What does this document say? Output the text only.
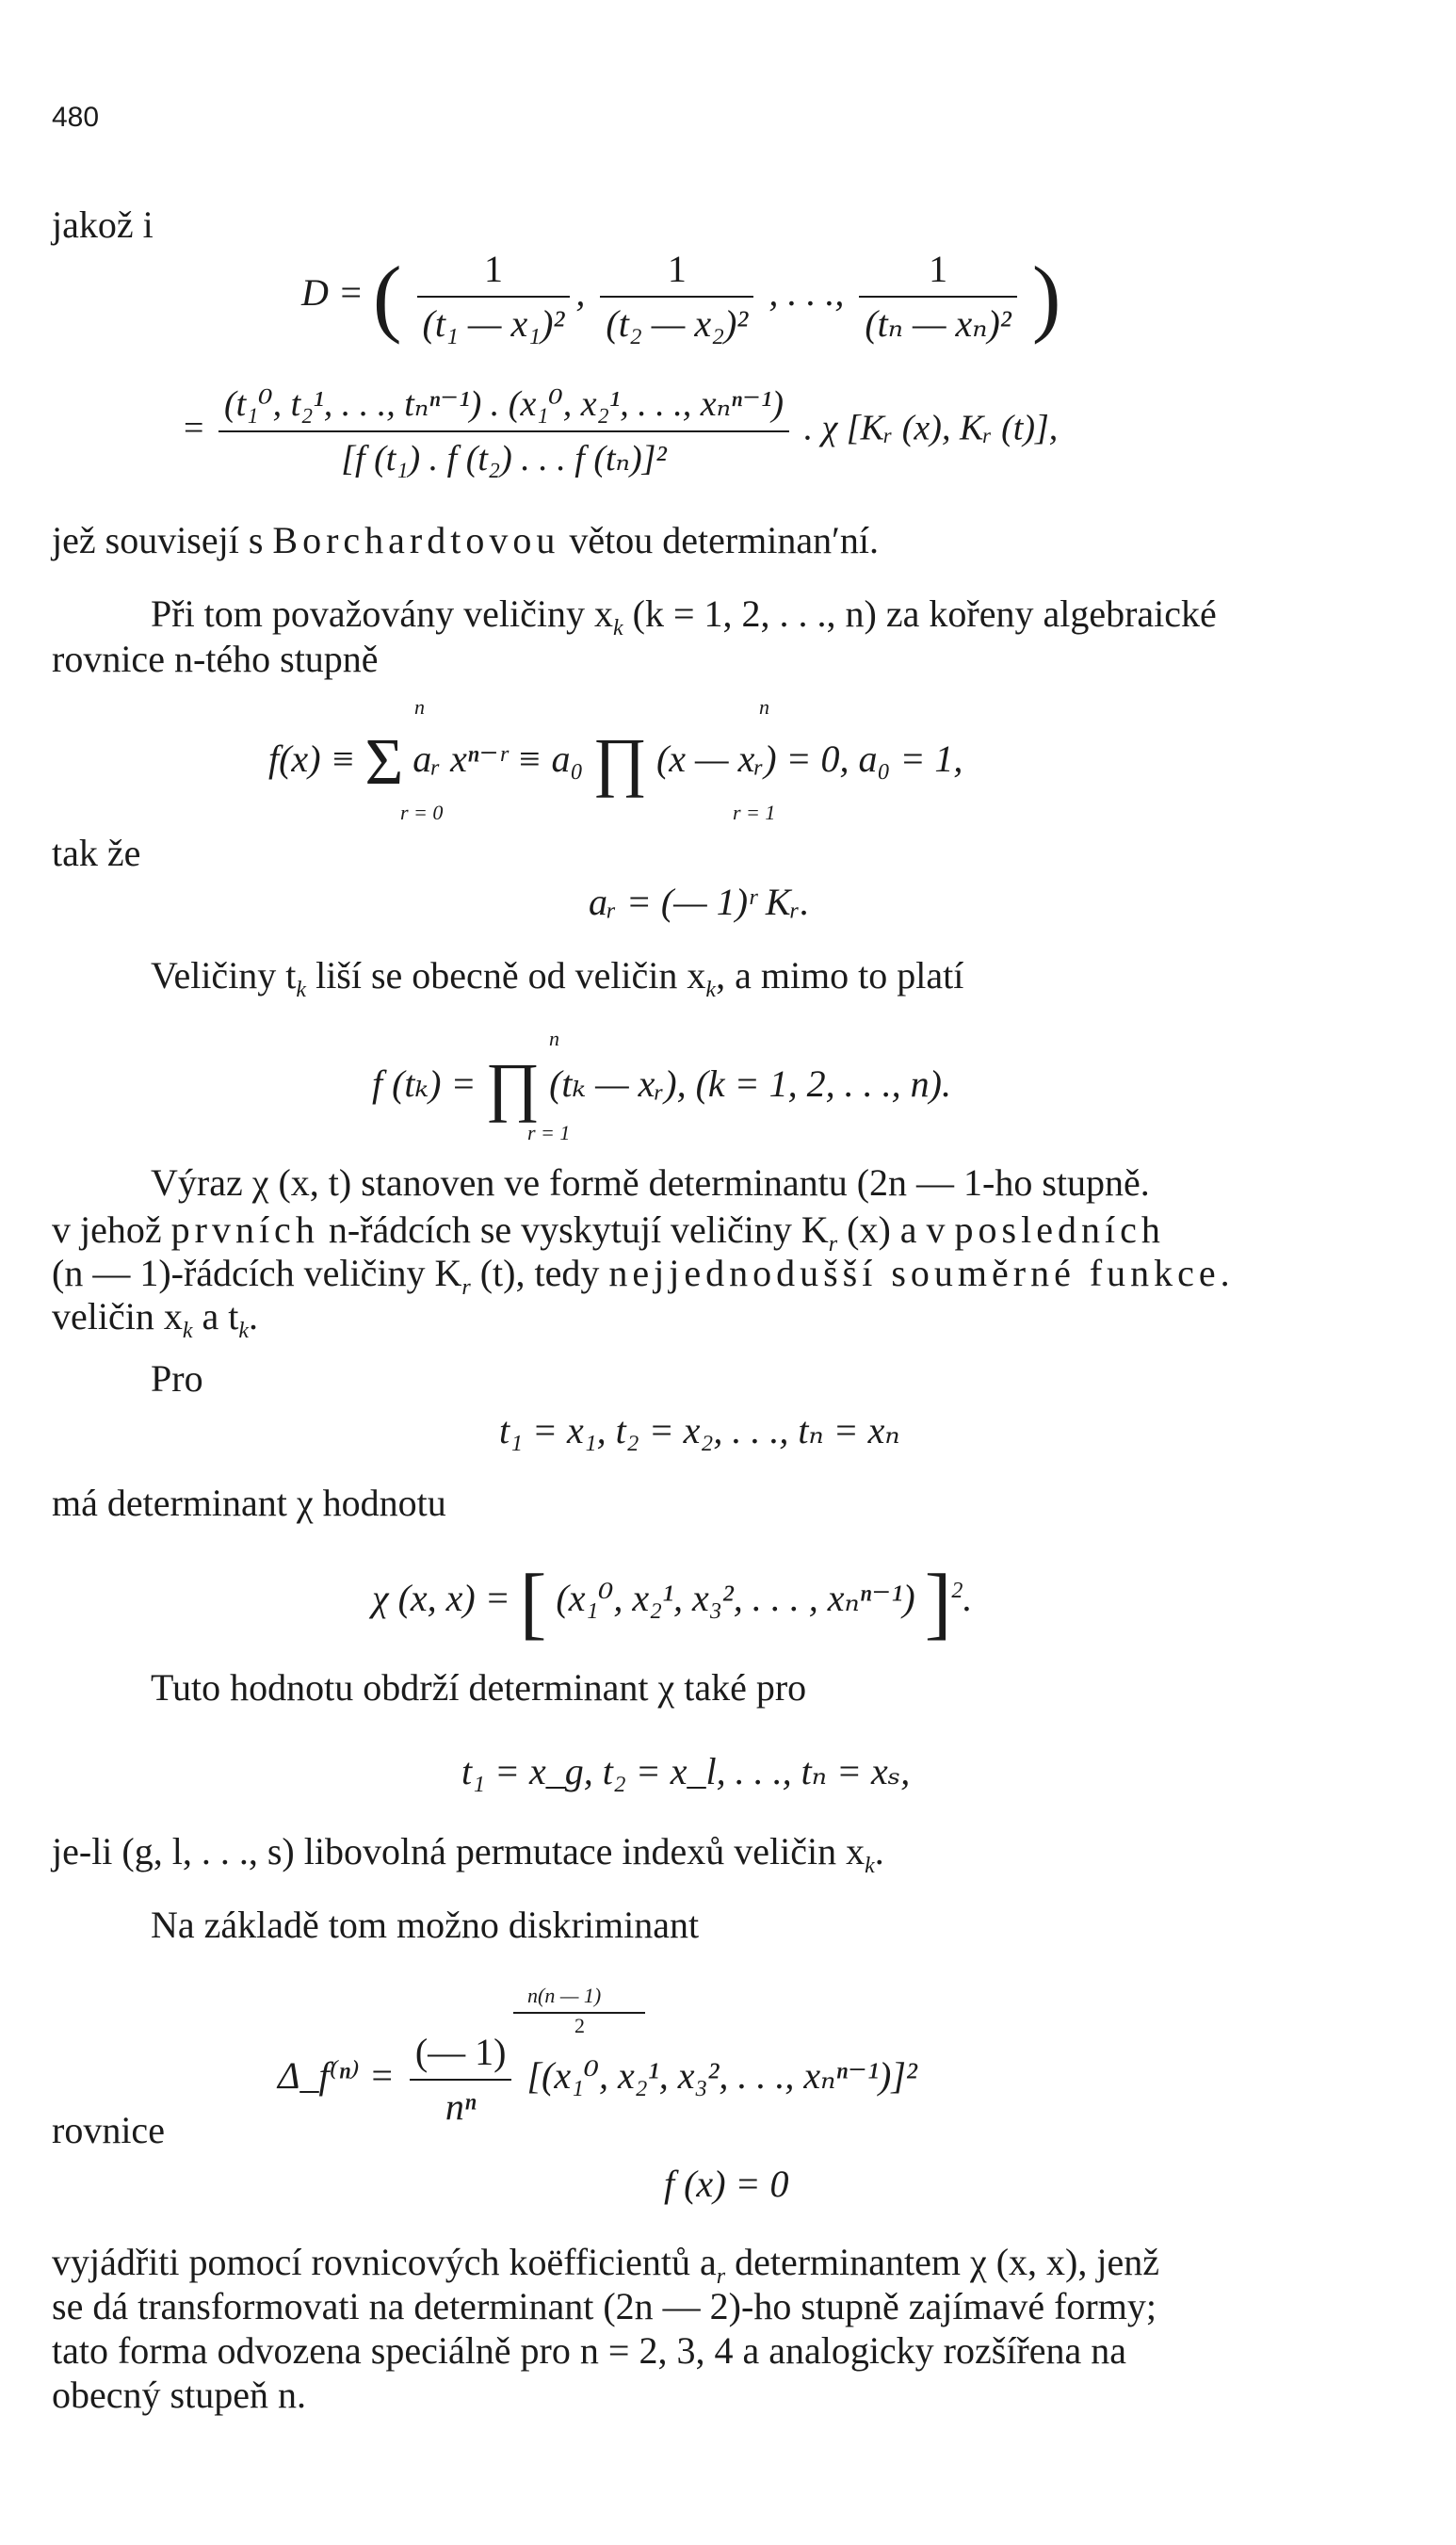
480
jakož i
D = ( $\frac{1}{\text{(t₁ — x₁)²}}$ , $\frac{1}{\text{(t₂ — x₂)²}}$ , . . ., $\frac{1}{\text{(tₙ — xₙ)²}}$ )
= $\frac{\text{(t₁⁰, t₂¹, . . ., tₙⁿ⁻¹) . (x₁⁰, x₂¹, . . ., xₙⁿ⁻¹)}}{\text{[f (t₁) . f (t₂) . . . f (tₙ)]²}}$ . χ [Kᵣ (x), Kᵣ (t)],
jež souvisejí s Borchardtovou větou determinanʹní.
Při tom považovány veličiny $x_k$ (k = 1, 2, . . ., n) za kořeny algebraické
rovnice n-tého stupně
f(x) ≡ Σ aᵣ xⁿ⁻ʳ ≡ a₀ ∏ (x — xᵣ) = 0, a₀ = 1,
n
r = 0
n
r = 1
tak že
aᵣ = (— 1)ʳ Kᵣ.
Veličiny $t_k$ liší se obecně od veličin $x_k$, a mimo to platí
f (tₖ) = ∏ (tₖ — xᵣ), (k = 1, 2, . . ., n).
n
r = 1
Výraz χ (x, t) stanoven ve formě determinantu (2n — 1-ho stupně.
v jehož prvních n-řádcích se vyskytují veličiny $K_r$ (x) a v posledních
(n — 1)-řádcích veličiny $K_r$ (t), tedy nejjednodušší souměrné funkce.
veličin $x_k$ a $t_k$.
Pro
t₁ = x₁, t₂ = x₂, . . ., tₙ = xₙ
má determinant χ hodnotu
χ (x, x) = [ (x₁⁰, x₂¹, x₃², . . . , xₙⁿ⁻¹) ]$^2$.
Tuto hodnotu obdrží determinant χ také pro
t₁ = x_g, t₂ = x_l, . . ., tₙ = xₛ,
je-li (g, l, . . ., s) libovolná permutace indexů veličin $x_k$.
Na základě tom možno diskriminant
Δ_f⁽ⁿ⁾ = $\frac{(— 1)}{\text{nⁿ}} [(x_1^0$, x₂¹, x₃², . . ., xₙⁿ⁻¹)]²
n(n — 1)
2
rovnice
f (x) = 0
vyjádřiti pomocí rovnicových koëfficientů $a_r$ determinantem χ (x, x), jenž
se dá transformovati na determinant (2n — 2)-ho stupně zajímavé formy;
tato forma odvozena speciálně pro n = 2, 3, 4 a analogicky rozšířena na
obecný stupeň n.
